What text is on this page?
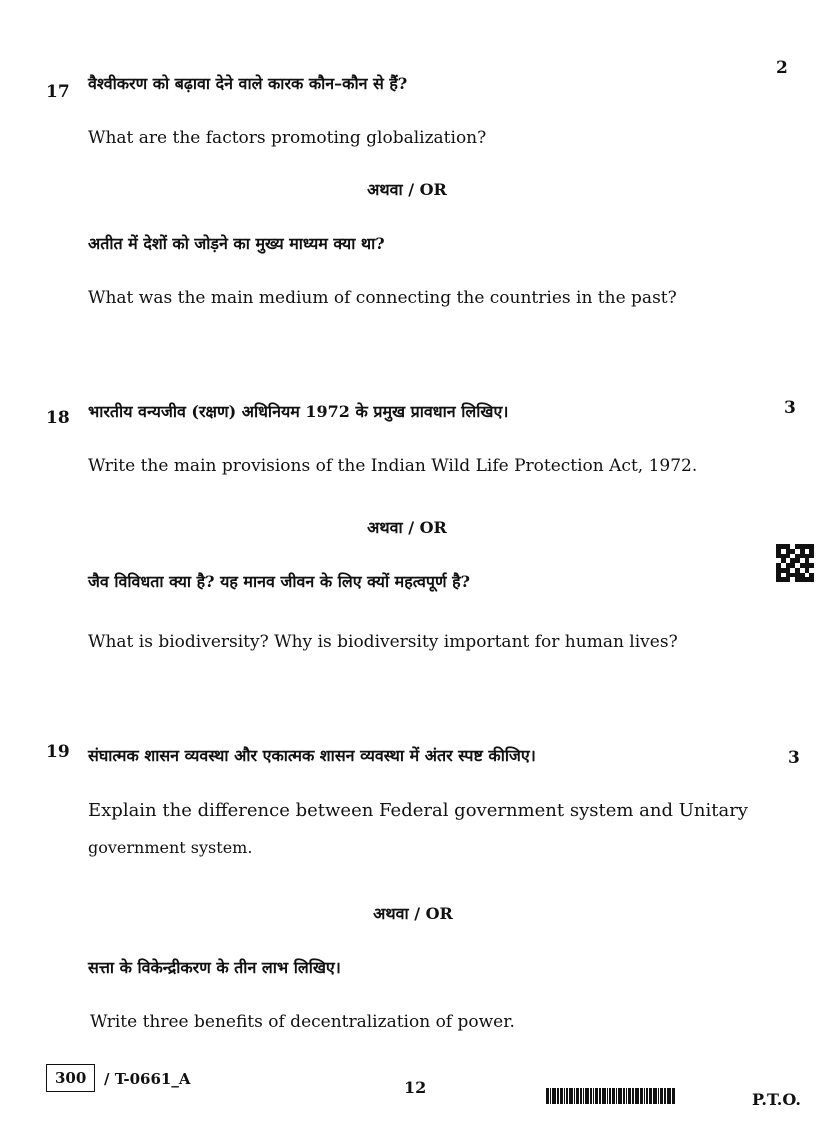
2
17 वैश्वीकरण को बढ़ावा देने वाले कारक कौन–कौन से हैं?
What are the factors promoting globalization?
अथवा / OR
अतीत में देशों को जोड़ने का मुख्य माध्यम क्या था?
What was the main medium of connecting the countries in the past?
18 भारतीय वन्यजीव (रक्षण) अधिनियम 1972 के प्रमुख प्रावधान लिखिए।	3
Write the main provisions of the Indian Wild Life Protection Act, 1972.
अथवा / OR
जैव विविधता क्या है? यह मानव जीवन के लिए क्यों महत्वपूर्ण है?
What is biodiversity? Why is biodiversity important for human lives?
19 संघात्मक शासन व्यवस्था और एकात्मक शासन व्यवस्था में अंतर स्पष्ट कीजिए।	3
Explain the difference between Federal government system and Unitary
government system.
अथवा / OR
सत्ता के विकेन्द्रीकरण के तीन लाभ लिखिए।
Write three benefits of decentralization of power.
300	/ T-0661_A	12
P.T.O.
